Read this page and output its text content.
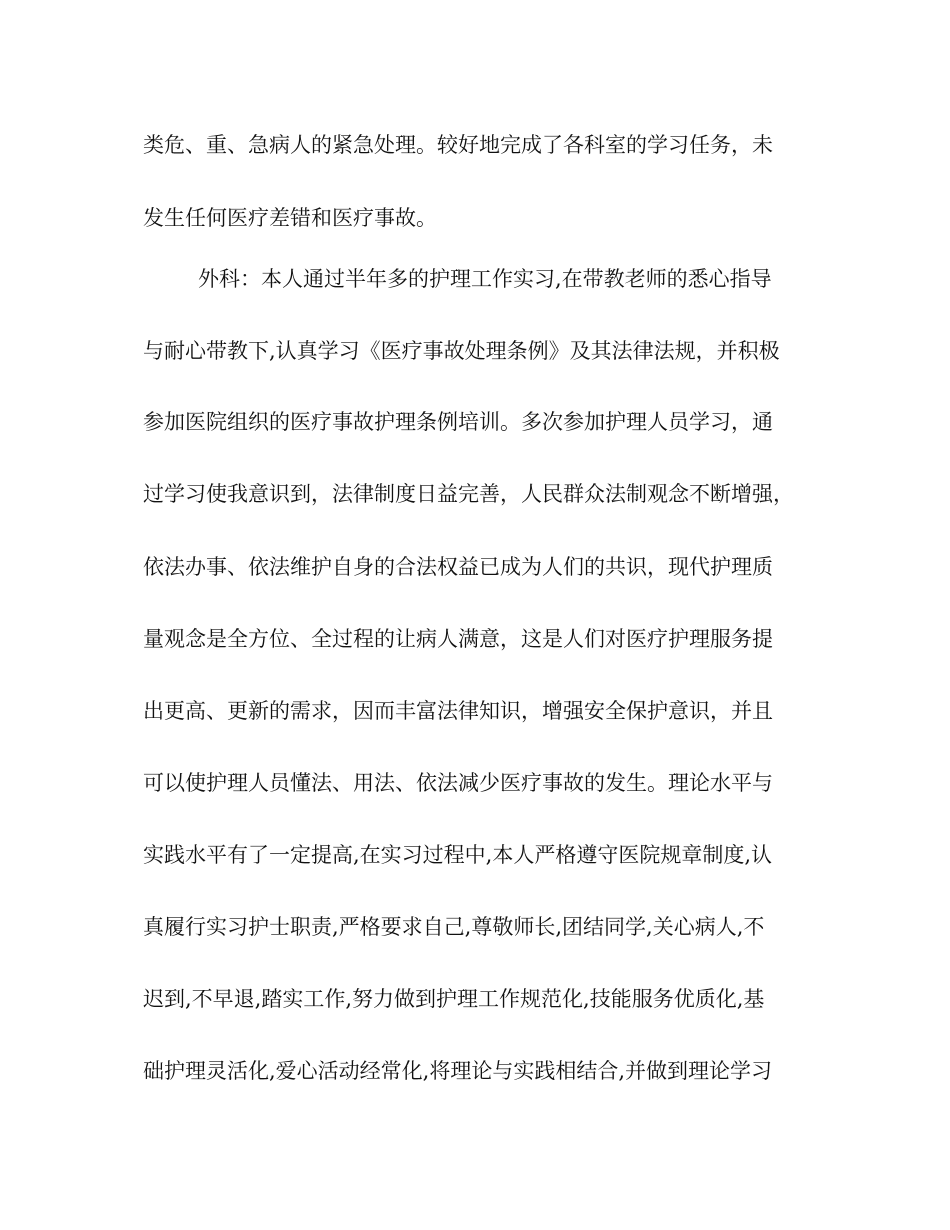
类危、重、急病人的紧急处理。较好地完成了各科室的学习任务，未
发生任何医疗差错和医疗事故。
外科：本人通过半年多的护理工作实习,在带教老师的悉心指导
与耐心带教下,认真学习《医疗事故处理条例》及其法律法规，并积极
参加医院组织的医疗事故护理条例培训。多次参加护理人员学习，通
过学习使我意识到，法律制度日益完善，人民群众法制观念不断增强，
依法办事、依法维护自身的合法权益已成为人们的共识，现代护理质
量观念是全方位、全过程的让病人满意，这是人们对医疗护理服务提
出更高、更新的需求，因而丰富法律知识，增强安全保护意识，并且
可以使护理人员懂法、用法、依法减少医疗事故的发生。理论水平与
实践水平有了一定提高,在实习过程中,本人严格遵守医院规章制度,认
真履行实习护士职责,严格要求自己,尊敬师长,团结同学,关心病人,不
迟到,不早退,踏实工作,努力做到护理工作规范化,技能服务优质化,基
础护理灵活化,爱心活动经常化,将理论与实践相结合,并做到理论学习
